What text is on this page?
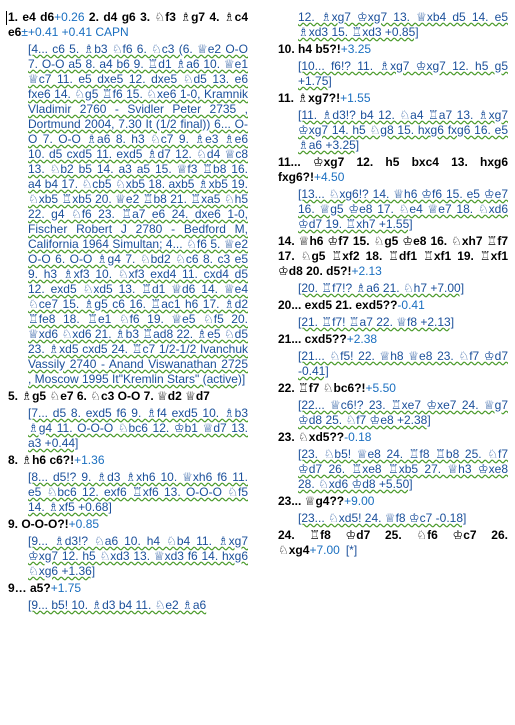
1. e4 d6+0.26 2. d4 g6 3. ♘f3 ♗g7 4. ♗c4 e6±+0.41 +0.41 CAPN
[4... c6 5. ♗b3 ♘f6 6. ♘c3 (6. ♕e2 O-O 7. O-O a5 8. a4 b6 9. ♖d1 ♗a6 10. ♕e1 ♕c7 11. e5 dxe5 12. dxe5 ♘d5 13. e6 fxe6 14. ♘g5 ♖f6 15. ♘xe6 1-0, Kramnik Vladimir 2760 - Svidler Peter 2735 , Dortmund 2004, 7.30 It (1/2 final)) 6... O-O 7. O-O ♗a6 8. h3 ♘c7 9. ♗e3 ♗e6 10. d5 cxd5 11. exd5 ♗d7 12. ♘d4 ♕c8 13. ♘b2 b5 14. a3 a5 15. ♕f3 ♖b8 16. a4 b4 17. ♘cb5 ♘xb5 18. axb5 ♗xb5 19. ♘xb5 ♖xb5 20. ♕e2 ♖b8 21. ♖xa5 ♘h5 22. g4 ♘f6 23. ♖a7 e6 24. dxe6 1-0, Fischer Robert J 2780 - Bedford M, California 1964 Simultan; 4... ♘f6 5. ♕e2 O-O 6. O-O ♗g4 7. ♘bd2 ♘c6 8. c3 e5 9. h3 ♗xf3 10. ♘xf3 exd4 11. cxd4 d5 12. exd5 ♘xd5 13. ♖d1 ♕d6 14. ♕e4 ♘ce7 15. ♗g5 c6 16. ♖ac1 h6 17. ♗d2 ♖fe8 18. ♖e1 ♘f6 19. ♕e5 ♘f5 20. ♕xd6 ♘xd6 21. ♗b3 ♖ad8 22. ♗e5 ♘d5 23. ♗xd5 cxd5 24. ♖c7 1/2-1/2 Ivanchuk Vassily 2740 - Anand Viswanathan 2725 , Moscow 1995 It"Kremlin Stars" (active)]
5. ♗g5 ♘e7 6. ♘c3 O-O 7. ♕d2 ♕d7
[7... d5 8. exd5 f6 9. ♗f4 exd5 10. ♗b3 ♗g4 11. O-O-O ♘bc6 12. ♔b1 ♕d7 13. a3 +0.44]
8. ♗h6 c6?!+1.36
[8... d5!? 9. ♗d3 ♗xh6 10. ♕xh6 f6 11. e5 ♘bc6 12. exf6 ♖xf6 13. O-O-O ♘f5 14. ♗xf5 +0.68]
9. O-O-O?!+0.85
[9... ♗d3!? ♘a6 10. h4 ♘b4 11. ♗xg7 ♔xg7 12. h5 ♘xd3 13. ♕xd3 f6 14. hxg6 ♘xg6 +1.36]
9… a5?+1.75
[9... b5! 10. ♗d3 b4 11. ♘e2 ♗a6
12. ♗xg7 ♔xg7 13. ♕xb4 d5 14. e5 ♗xd3 15. ♖xd3 +0.85]
10. h4 b5?!+3.25
[10... f6!? 11. ♗xg7 ♔xg7 12. h5 g5 +1.75]
11. ♗xg7?!+1.55
[11. ♗d3!? b4 12. ♘a4 ♖a7 13. ♗xg7 ♔xg7 14. h5 ♘g8 15. hxg6 fxg6 16. e5 ♗a6 +3.25]
11... ♔xg7 12. h5 bxc4 13. hxg6 fxg6?!+4.50
[13... ♘xg6!? 14. ♕h6 ♔f6 15. e5 ♔e7 16. ♕g5 ♔e8 17. ♘e4 ♕e7 18. ♘xd6 ♔d7 19. ♖xh7 +1.55]
14. ♕h6 ♔f7 15. ♘g5 ♔e8 16. ♘xh7 ♖f7 17. ♘g5 ♖xf2 18. ♖df1 ♖xf1 19. ♖xf1 ♔d8 20. d5?!+2.13
[20. ♖f7!? ♗a6 21. ♘h7 +7.00]
20... exd5 21. exd5??-0.41
[21. ♖f7! ♖a7 22. ♕f8 +2.13]
21... cxd5??+2.38
[21... ♘f5! 22. ♕h8 ♕e8 23. ♘f7 ♔d7 -0.41]
22. ♖f7 ♘bc6?!+5.50
[22... ♕c6!? 23. ♖xe7 ♔xe7 24. ♕g7 ♔d8 25. ♘f7 ♔e8 +2.38]
23. ♘xd5??-0.18
[23. ♘b5! ♕e8 24. ♖f8 ♖b8 25. ♘f7 ♔d7 26. ♖xe8 ♖xb5 27. ♕h3 ♔xe8 28. ♘xd6 ♔d8 +5.50]
23... ♕g4??+9.00
[23... ♘xd5! 24. ♕f8 ♔c7 -0.18]
24. ♖f8 ♔d7 25. ♘f6 ♔c7 26. ♘xg4+7.00 [*]
